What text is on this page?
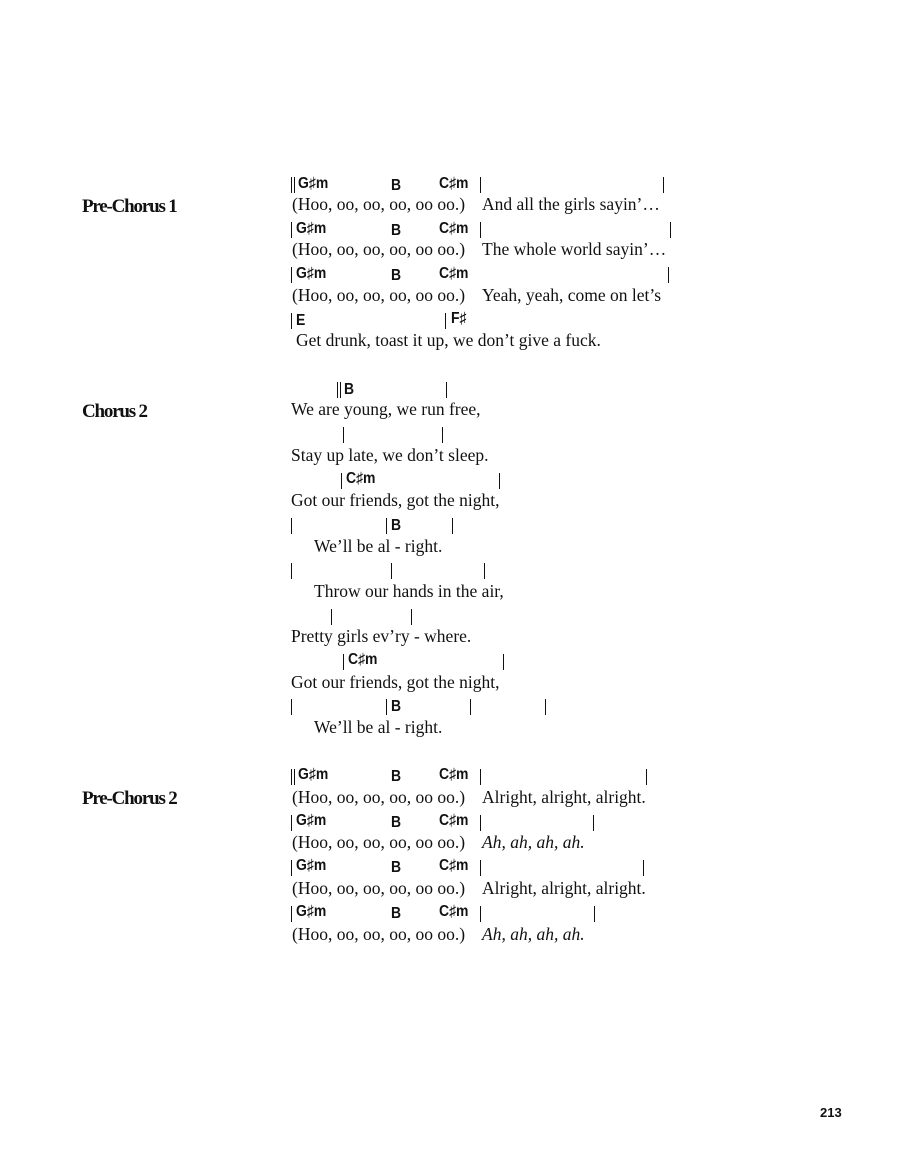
Pre-Chorus 1
G♯m	B C♯m
(Hoo, oo, oo, oo, oo oo.) And all the girls sayin’…
G♯m	B C♯m
(Hoo, oo, oo, oo, oo oo.) The whole world sayin’…
G♯m	B C♯m
(Hoo, oo, oo, oo, oo oo.) Yeah, yeah, come on let’s
E	F♯
Get drunk, toast it up, we don’t give a fuck.
Chorus 2
B
We are young, we run free,
Stay up late, we don’t sleep.
C♯m
Got our friends, got the night,
B
We’ll be al - right.
Throw our hands in the air,
Pretty girls ev’ry - where.
C♯m
Got our friends, got the night,
B
We’ll be al - right.
Pre-Chorus 2
G♯m	B C♯m
(Hoo, oo, oo, oo, oo oo.) Alright, alright, alright.
G♯m	B C♯m
(Hoo, oo, oo, oo, oo oo.) Ah, ah, ah, ah.
G♯m	B C♯m
(Hoo, oo, oo, oo, oo oo.) Alright, alright, alright.
G♯m	B C♯m
(Hoo, oo, oo, oo, oo oo.) Ah, ah, ah, ah.
213
